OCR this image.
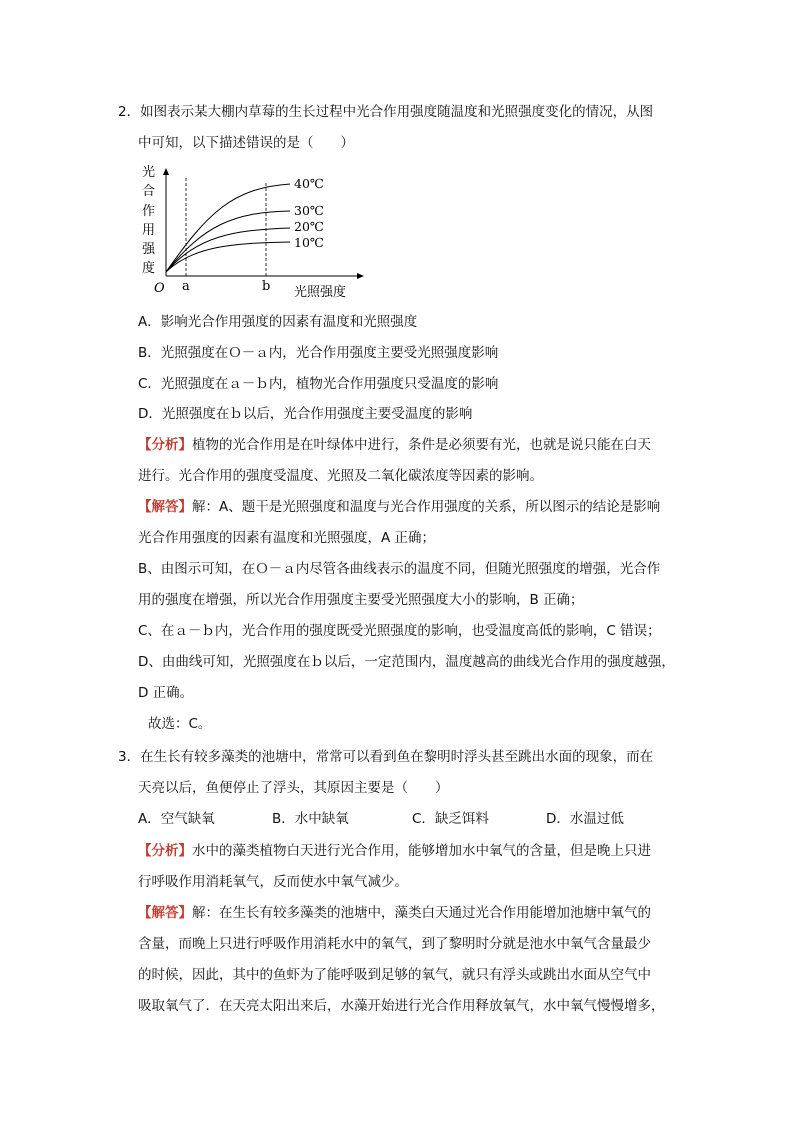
2．如图表示某大棚内草莓的生长过程中光合作用强度随温度和光照强度变化的情况，从图
中可知，以下描述错误的是（　　）
光
合
作
用
强
度
40℃
30℃
20℃
10℃
O a	b 光照强度
A．影响光合作用强度的因素有温度和光照强度
B．光照强度在Ｏ－ａ内，光合作用强度主要受光照强度影响
C．光照强度在ａ－ｂ内，植物光合作用强度只受温度的影响
D．光照强度在ｂ以后，光合作用强度主要受温度的影响
【分析】植物的光合作用是在叶绿体中进行，条件是必须要有光，也就是说只能在白天
进行。光合作用的强度受温度、光照及二氧化碳浓度等因素的影响。
【解答】解：A、题干是光照强度和温度与光合作用强度的关系，所以图示的结论是影响
光合作用强度的因素有温度和光照强度，A 正确；
B、由图示可知，在Ｏ－ａ内尽管各曲线表示的温度不同，但随光照强度的增强，光合作
用的强度在增强，所以光合作用强度主要受光照强度大小的影响，B 正确；
C、在ａ－ｂ内，光合作用的强度既受光照强度的影响，也受温度高低的影响，C 错误；
D、由曲线可知，光照强度在ｂ以后，一定范围内，温度越高的曲线光合作用的强度越强，
D 正确。
故选：C。
3．在生长有较多藻类的池塘中，常常可以看到鱼在黎明时浮头甚至跳出水面的现象，而在
天亮以后，鱼便停止了浮头，其原因主要是（　　）
A．空气缺氧	B．水中缺氧	C．缺乏饵料	D．水温过低
【分析】水中的藻类植物白天进行光合作用，能够增加水中氧气的含量，但是晚上只进
行呼吸作用消耗氧气，反而使水中氧气减少。
【解答】解：在生长有较多藻类的池塘中，藻类白天通过光合作用能增加池塘中氧气的
含量，而晚上只进行呼吸作用消耗水中的氧气，到了黎明时分就是池水中氧气含量最少
的时候，因此，其中的鱼虾为了能呼吸到足够的氧气，就只有浮头或跳出水面从空气中
吸取氧气了．在天亮太阳出来后，水藻开始进行光合作用释放氧气，水中氧气慢慢增多，
